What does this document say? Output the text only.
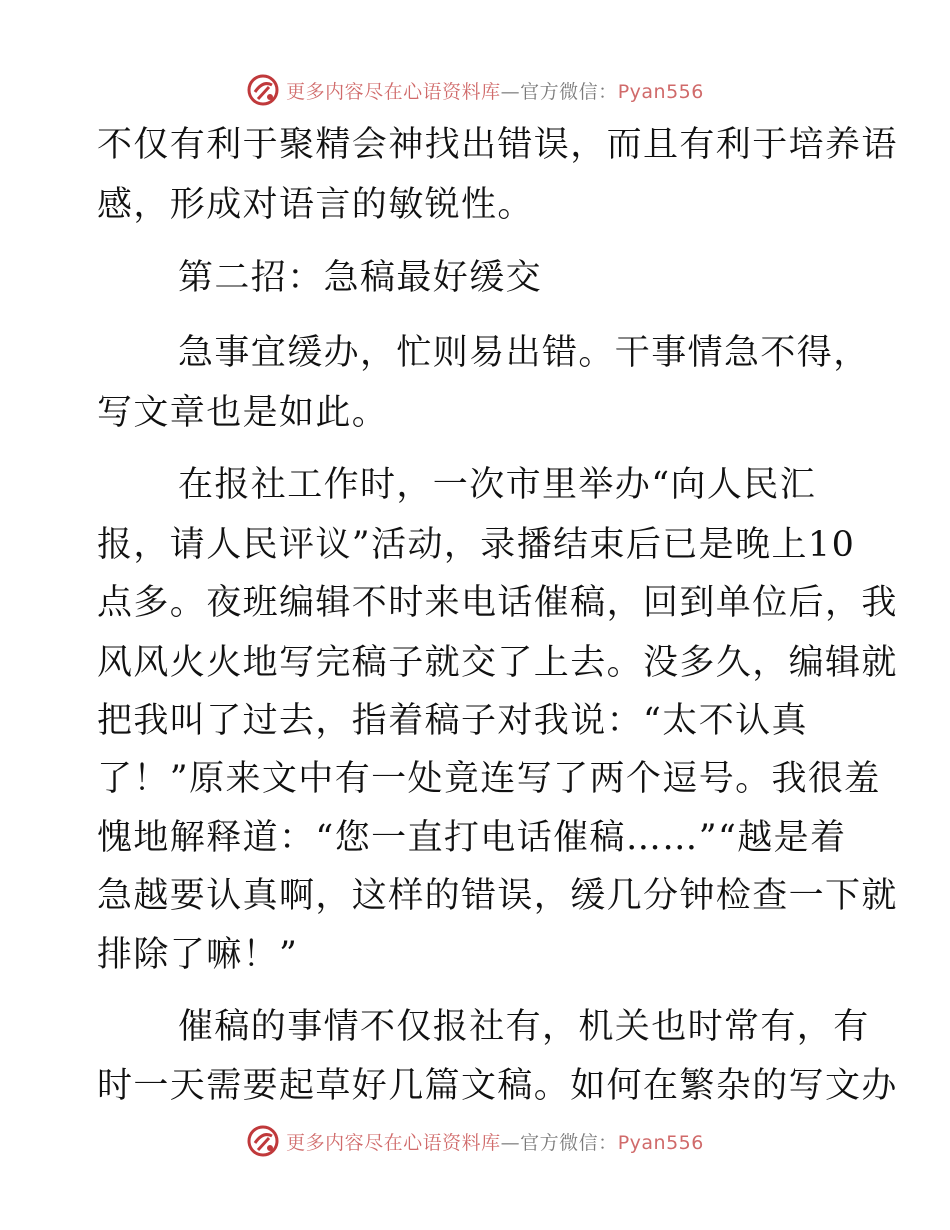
更多内容尽在心语资料库—官方微信：Pyan556
不仅有利于聚精会神找出错误，而且有利于培养语
感，形成对语言的敏锐性。
第二招：急稿最好缓交
急事宜缓办，忙则易出错。干事情急不得，
写文章也是如此。
在报社工作时，一次市里举办“向人民汇
报，请人民评议”活动，录播结束后已是晚上10
点多。夜班编辑不时来电话催稿，回到单位后，我
风风火火地写完稿子就交了上去。没多久，编辑就
把我叫了过去，指着稿子对我说：“太不认真
了！”原来文中有一处竟连写了两个逗号。我很羞
愧地解释道：“您一直打电话催稿……”“越是着
急越要认真啊，这样的错误，缓几分钟检查一下就
排除了嘛！”
催稿的事情不仅报社有，机关也时常有，有
时一天需要起草好几篇文稿。如何在繁杂的写文办
更多内容尽在心语资料库—官方微信：Pyan556
